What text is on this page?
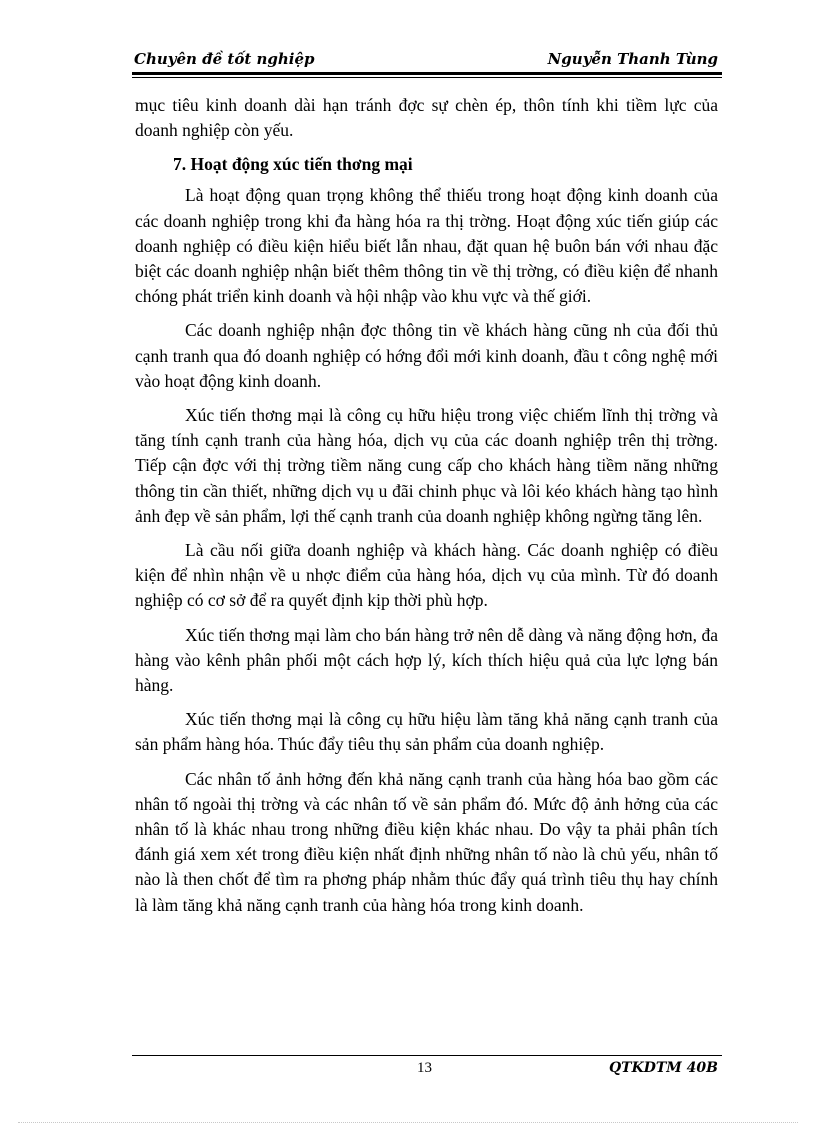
Chuyên đề tốt nghiệp	Nguyễn Thanh Tùng

mục tiêu kinh doanh dài hạn tránh đợc sự chèn ép, thôn tính khi tiềm lực của doanh nghiệp còn yếu.

7. Hoạt động xúc tiến thơng mại

Là hoạt động quan trọng không thể thiếu trong hoạt động kinh doanh của các doanh nghiệp trong khi đa hàng hóa ra thị trờng. Hoạt động xúc tiến giúp các doanh nghiệp có điều kiện hiểu biết lẫn nhau, đặt quan hệ buôn bán với nhau đặc biệt các doanh nghiệp nhận biết thêm thông tin về thị trờng, có điều kiện để nhanh chóng phát triển kinh doanh và hội nhập vào khu vực và thế giới.

Các doanh nghiệp nhận đợc thông tin về khách hàng cũng nh của đối thủ cạnh tranh qua đó doanh nghiệp có hớng đổi mới kinh doanh, đầu t công nghệ mới vào hoạt động kinh doanh.

Xúc tiến thơng mại là công cụ hữu hiệu trong việc chiếm lĩnh thị trờng và tăng tính cạnh tranh của hàng hóa, dịch vụ của các doanh nghiệp trên thị trờng. Tiếp cận đợc với thị trờng tiềm năng cung cấp cho khách hàng tiềm năng những thông tin cần thiết, những dịch vụ u đãi chinh phục và lôi kéo khách hàng tạo hình ảnh đẹp về sản phẩm, lợi thế cạnh tranh của doanh nghiệp không ngừng tăng lên.

Là cầu nối giữa doanh nghiệp và khách hàng. Các doanh nghiệp có điều kiện để nhìn nhận về u nhợc điểm của hàng hóa, dịch vụ của mình. Từ đó doanh nghiệp có cơ sở để ra quyết định kịp thời phù hợp.

Xúc tiến thơng mại làm cho bán hàng trở nên dễ dàng và năng động hơn, đa hàng vào kênh phân phối một cách hợp lý, kích thích hiệu quả của lực lợng bán hàng.

Xúc tiến thơng mại là công cụ hữu hiệu làm tăng khả năng cạnh tranh của sản phẩm hàng hóa. Thúc đẩy tiêu thụ sản phẩm của doanh nghiệp.

Các nhân tố ảnh hởng đến khả năng cạnh tranh của hàng hóa bao gồm các nhân tố ngoài thị trờng và các nhân tố về sản phẩm đó. Mức độ ảnh hởng của các nhân tố là khác nhau trong những điều kiện khác nhau. Do vậy ta phải phân tích đánh giá xem xét trong điều kiện nhất định những nhân tố nào là chủ yếu, nhân tố nào là then chốt để tìm ra phơng pháp nhằm thúc đẩy quá trình tiêu thụ hay chính là làm tăng khả năng cạnh tranh của hàng hóa trong kinh doanh.

13	QTKDTM 40B
